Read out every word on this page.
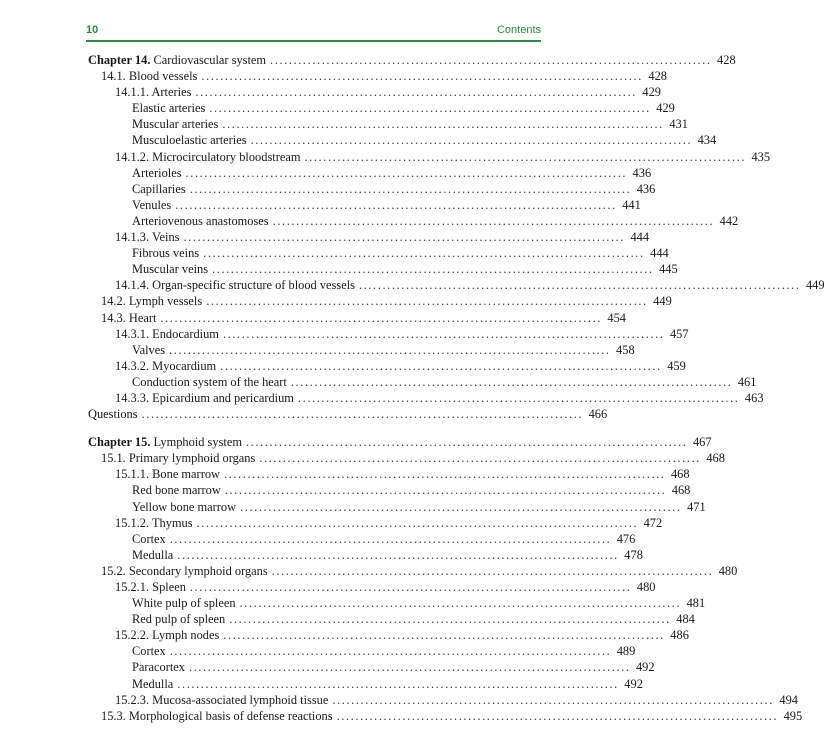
10	Contents
Chapter 14. Cardiovascular system .............................................................................................. 428
14.1. Blood vessels .............................................................................................. 428
14.1.1. Arteries .............................................................................................. 429
Elastic arteries .............................................................................................. 429
Muscular arteries .............................................................................................. 431
Musculoelastic arteries .............................................................................................. 434
14.1.2. Microcirculatory bloodstream .............................................................................................. 435
Arterioles .............................................................................................. 436
Capillaries .............................................................................................. 436
Venules .............................................................................................. 441
Arteriovenous anastomoses .............................................................................................. 442
14.1.3. Veins .............................................................................................. 444
Fibrous veins .............................................................................................. 444
Muscular veins .............................................................................................. 445
14.1.4. Organ-specific structure of blood vessels .............................................................................................. 449
14.2. Lymph vessels .............................................................................................. 449
14.3. Heart .............................................................................................. 454
14.3.1. Endocardium .............................................................................................. 457
Valves .............................................................................................. 458
14.3.2. Myocardium .............................................................................................. 459
Conduction system of the heart .............................................................................................. 461
14.3.3. Epicardium and pericardium .............................................................................................. 463
Questions .............................................................................................. 466
Chapter 15. Lymphoid system .............................................................................................. 467
15.1. Primary lymphoid organs .............................................................................................. 468
15.1.1. Bone marrow .............................................................................................. 468
Red bone marrow .............................................................................................. 468
Yellow bone marrow .............................................................................................. 471
15.1.2. Thymus .............................................................................................. 472
Cortex .............................................................................................. 476
Medulla .............................................................................................. 478
15.2. Secondary lymphoid organs .............................................................................................. 480
15.2.1. Spleen .............................................................................................. 480
White pulp of spleen .............................................................................................. 481
Red pulp of spleen .............................................................................................. 484
15.2.2. Lymph nodes .............................................................................................. 486
Cortex .............................................................................................. 489
Paracortex .............................................................................................. 492
Medulla .............................................................................................. 492
15.2.3. Mucosa-associated lymphoid tissue .............................................................................................. 494
15.3. Morphological basis of defense reactions .............................................................................................. 495
